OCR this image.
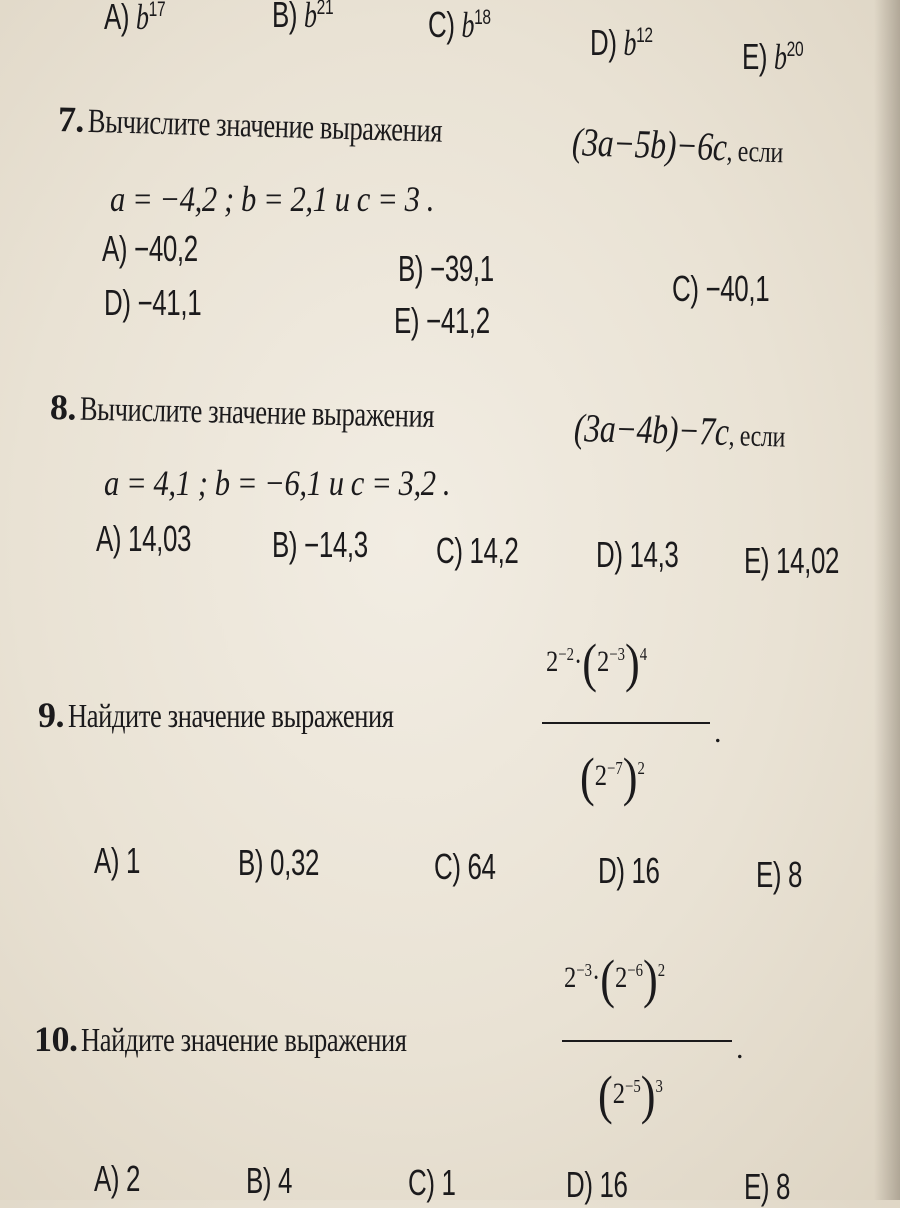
A) $b^{17}$	B) $b^{21}$	C) $b^{18}$
D) $b^{12}$
E) $b^{20}$
7. Вычислите значение выражения	(3a−5b)−6c, если
a = −4,2 ; b = 2,1 и c = 3 .
A) −40,2	B) −39,1	C) −40,1
D) −41,1	E) −41,2
8. Вычислите значение выражения	(3a−4b)−7c, если
a = 4,1 ; b = −6,1 и c = 3,2 .
A) 14,03 B) −14,3 C) 14,2 D) 14,3 E) 14,02
9. Найдите значение выражения
$2^{-2}\cdot(2^{-3})^4$
$(2^{-7})^2$
.
A) 1	B) 0,32	C) 64	D) 16	E) 8
10. Найдите значение выражения
$2^{-3}\cdot(2^{-6})^2$
$(2^{-5})^3$
.
A) 2	B) 4	C) 1	D) 16	E) 8
